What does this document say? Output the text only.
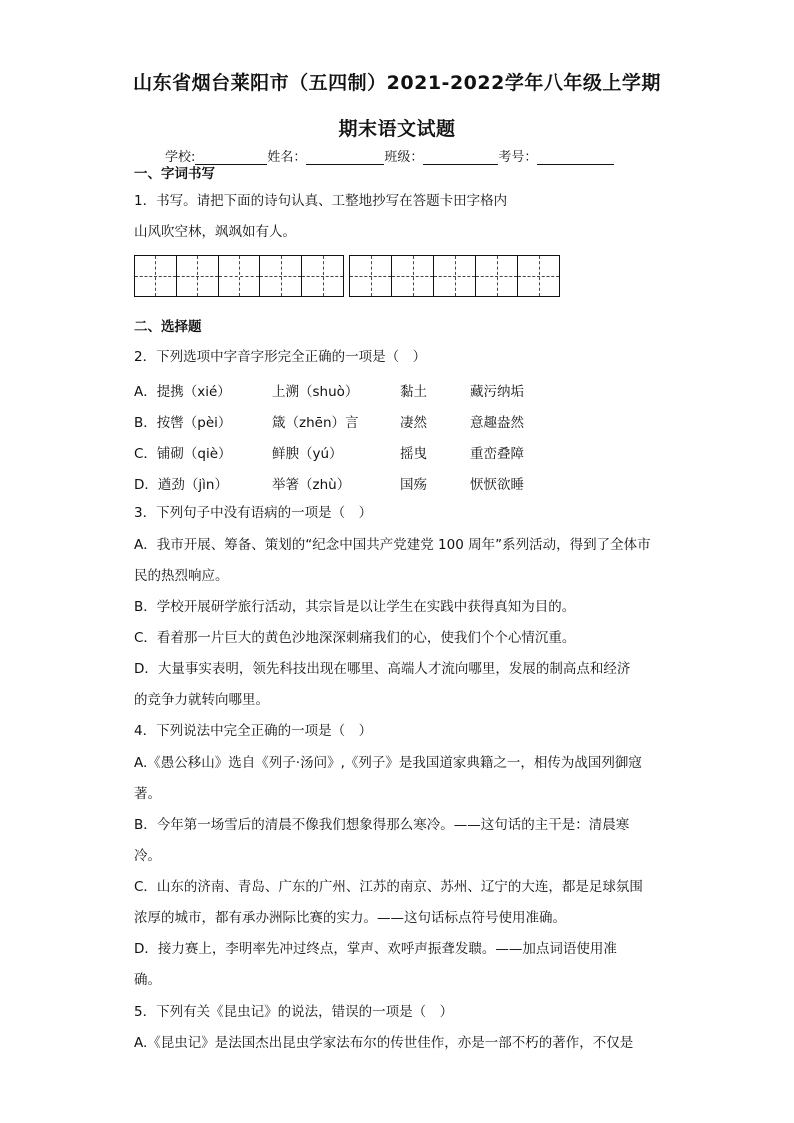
山东省烟台莱阳市（五四制）2021-2022学年八年级上学期
期末语文试题
学校:	姓名：	班级：	考号：
一、字词书写
1．书写。请把下面的诗句认真、工整地抄写在答题卡田字格内
山风吹空林，飒飒如有人。
二、选择题
2．下列选项中字音字形完全正确的一项是（　）
A．提携（xié）	上溯（shuò）	黏土	藏污纳垢
B．按辔（pèi）	箴（zhēn）言	凄然	意趣盎然
C．铺砌（qiè）	鲜腴（yú）	摇曳	重峦叠障
D．遒劲（jìn）	举箸（zhù）	国殇	恹恹欲睡
3．下列句子中没有语病的一项是（　）
A．我市开展、筹备、策划的“纪念中国共产党建党 100 周年”系列活动，得到了全体市
民的热烈响应。
B．学校开展研学旅行活动，其宗旨是以让学生在实践中获得真知为目的。
C．看着那一片巨大的黄色沙地深深刺痛我们的心，使我们个个心情沉重。
D．大量事实表明，领先科技出现在哪里、高端人才流向哪里，发展的制高点和经济
的竞争力就转向哪里。
4．下列说法中完全正确的一项是（　）
A.《愚公移山》选自《列子·汤问》,《列子》是我国道家典籍之一，相传为战国列御寇
著。
B．今年第一场雪后的清晨不像我们想象得那么寒冷。——这句话的主干是：清晨寒
冷。
C．山东的济南、青岛、广东的广州、江苏的南京、苏州、辽宁的大连，都是足球氛围
浓厚的城市，都有承办洲际比赛的实力。——这句话标点符号使用准确。
D．接力赛上，李明率先冲过终点，掌声、欢呼声振聋发聩。——加点词语使用准
确。
5．下列有关《昆虫记》的说法，错误的一项是（　）
A.《昆虫记》是法国杰出昆虫学家法布尔的传世佳作，亦是一部不朽的著作，不仅是
